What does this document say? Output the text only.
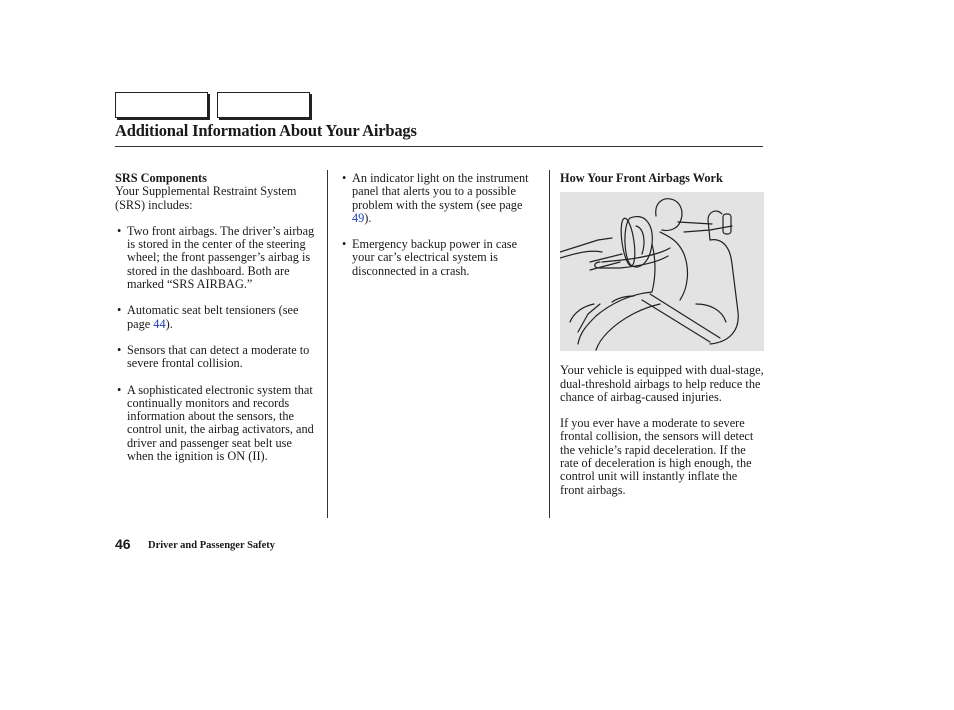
Additional Information About Your Airbags

SRS Components

Your Supplemental Restraint System (SRS) includes:

• Two front airbags. The driver’s airbag is stored in the center of the steering wheel; the front passenger’s airbag is stored in the dashboard. Both are marked “SRS AIRBAG.”
• Automatic seat belt tensioners (see page 44).
• Sensors that can detect a moderate to severe frontal collision.
• A sophisticated electronic system that continually monitors and records information about the sensors, the control unit, the airbag activators, and driver and passenger seat belt use when the ignition is ON (II).
• An indicator light on the instrument panel that alerts you to a possible problem with the system (see page 49).
• Emergency backup power in case your car’s electrical system is disconnected in a crash.

How Your Front Airbags Work

Your vehicle is equipped with dual-stage, dual-threshold airbags to help reduce the chance of airbag-caused injuries.

If you ever have a moderate to severe frontal collision, the sensors will detect the vehicle’s rapid deceleration. If the rate of deceleration is high enough, the control unit will instantly inflate the front airbags.

46 Driver and Passenger Safety
